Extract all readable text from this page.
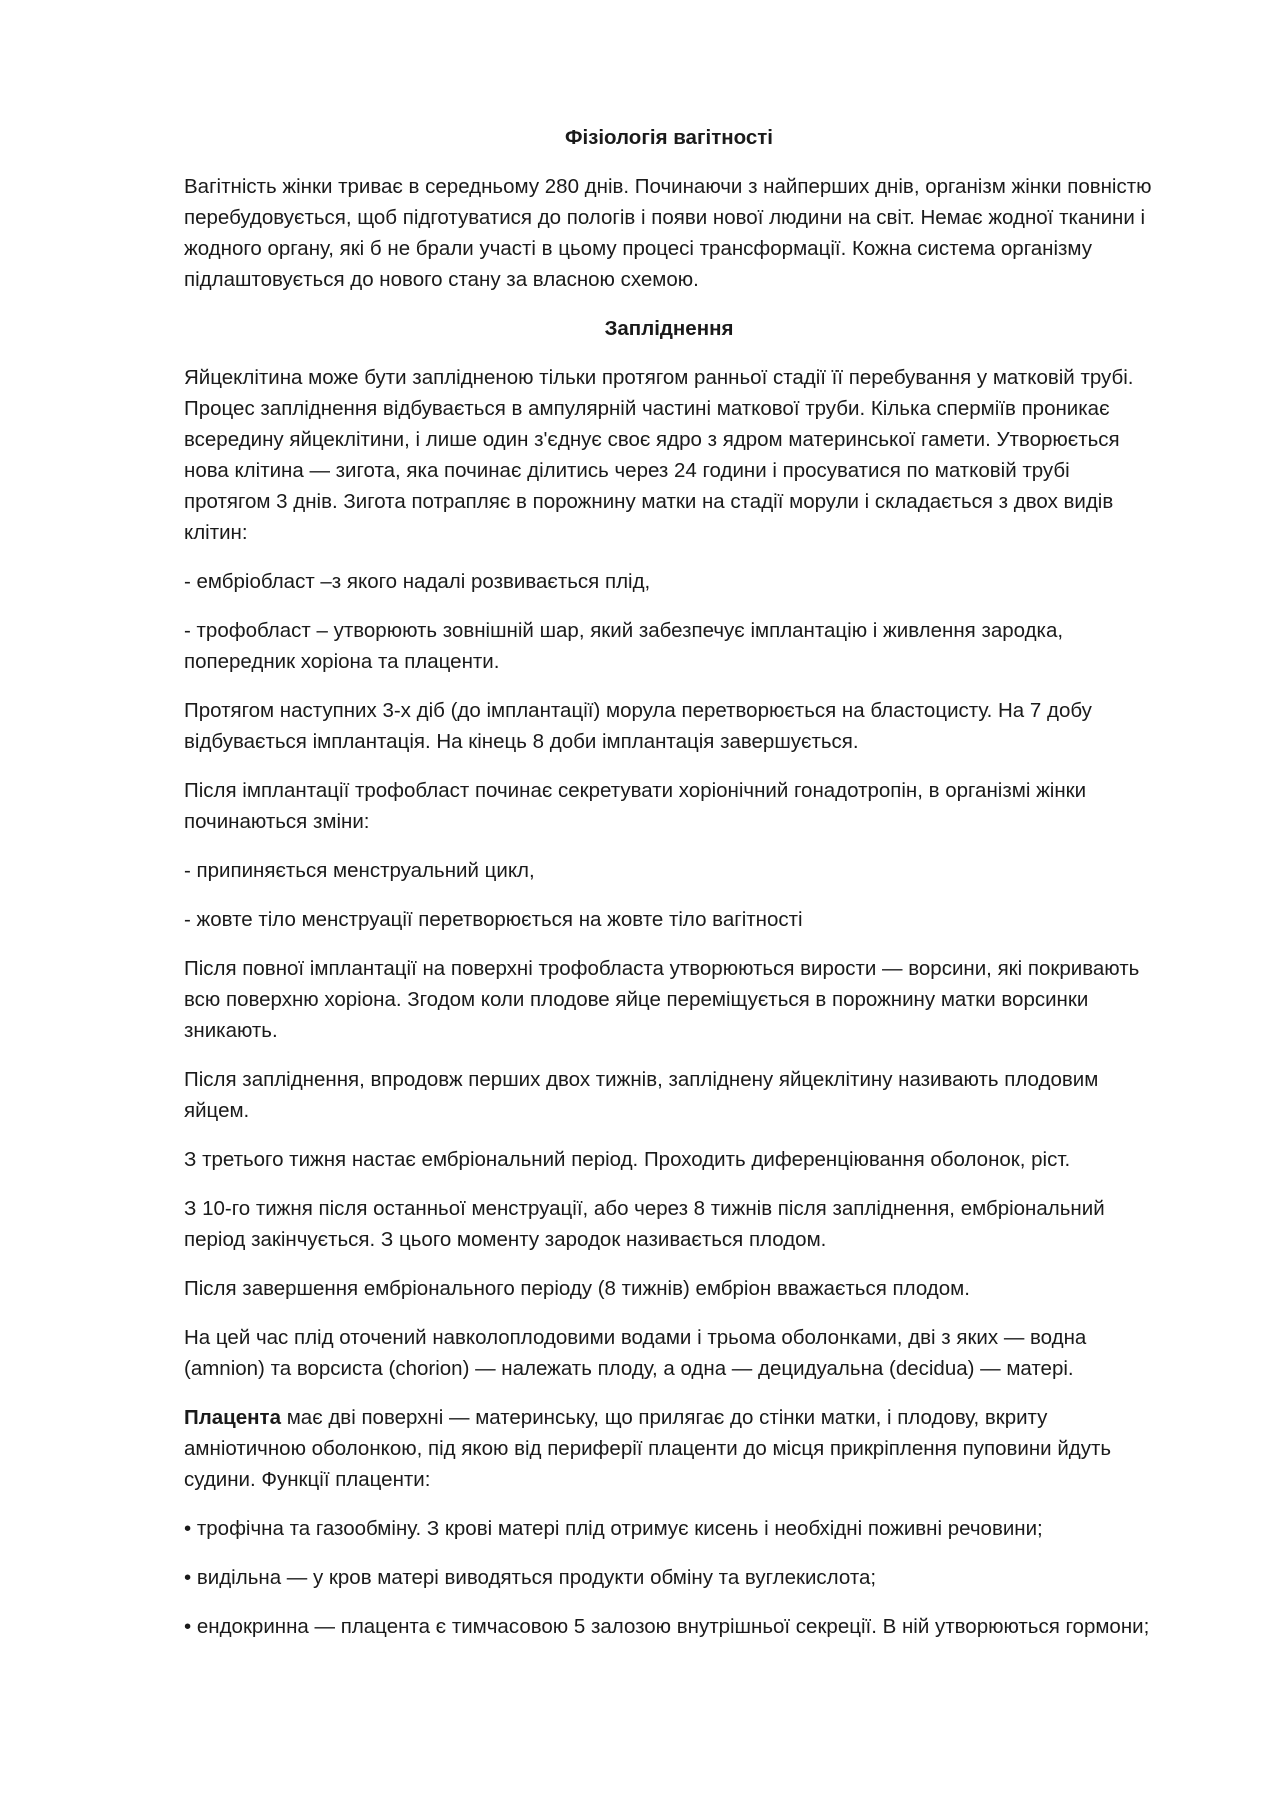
Фізіологія вагітності

Вагітність жінки триває в середньому 280 днів. Починаючи з найперших днів, організм жінки повністю перебудовується, щоб підготуватися до пологів і появи нової людини на світ. Немає жодної тканини і жодного органу, які б не брали участі в цьому процесі трансформації. Кожна система організму підлаштовується до нового стану за власною схемою.

Запліднення

Яйцеклітина може бути заплідненою тільки протягом ранньої стадії її перебування у матковій трубі. Процес запліднення відбувається в ампулярній частині маткової труби. Кілька сперміїв проникає всередину яйцеклітини, і лише один з'єднує своє ядро з ядром материнської гамети. Утворюється нова клітина — зигота, яка починає ділитись через 24 години і просуватися по матковій трубі протягом 3 днів. Зигота потрапляє в порожнину матки на стадії морули і складається з двох видів клітин:

- ембріобласт –з якого надалі розвивається плід,

- трофобласт – утворюють зовнішній шар, який забезпечує імплантацію і живлення зародка, попередник хоріона та плаценти.

Протягом наступних 3-х діб (до імплантації) морула перетворюється на бластоцисту. На 7 добу відбувається імплантація. На кінець 8 доби імплантація завершується.

Після імплантації трофобласт починає секретувати хоріонічний гонадотропін, в організмі жінки починаються зміни:

- припиняється менструальний цикл,

- жовте тіло менструації перетворюється на жовте тіло вагітності

Після повної імплантації на поверхні трофобласта утворюються вирости — ворсини, які покривають всю поверхню хоріона. Згодом коли плодове яйце переміщується в порожнину матки ворсинки зникають.

Після запліднення, впродовж перших двох тижнів, запліднену яйцеклітину називають плодовим яйцем.

З третього тижня настає ембріональний період. Проходить диференціювання оболонок, ріст.

З 10-го тижня після останньої менструації, або через 8 тижнів після запліднення, ембріональний період закінчується. З цього моменту зародок називається плодом.

Після завершення ембріонального періоду (8 тижнів) ембріон вважається плодом.

На цей час плід оточений навколоплодовими водами і трьома оболонками, дві з яких — водна (amnion) та ворсиста (chorion) — належать плоду, а одна — децидуальна (decidua) — матері.

Плацента має дві поверхні — материнську, що прилягає до стінки матки, і плодову, вкриту амніотичною оболонкою, під якою від периферії плаценти до місця прикріплення пуповини йдуть судини. Функції плаценти:

• трофічна та газообміну. З крові матері плід отримує кисень і необхідні поживні речовини;

• видільна — у кров матері виводяться продукти обміну та вуглекислота;

• ендокринна — плацента є тимчасовою 5 залозою внутрішньої секреції. В ній утворюються гормони;
